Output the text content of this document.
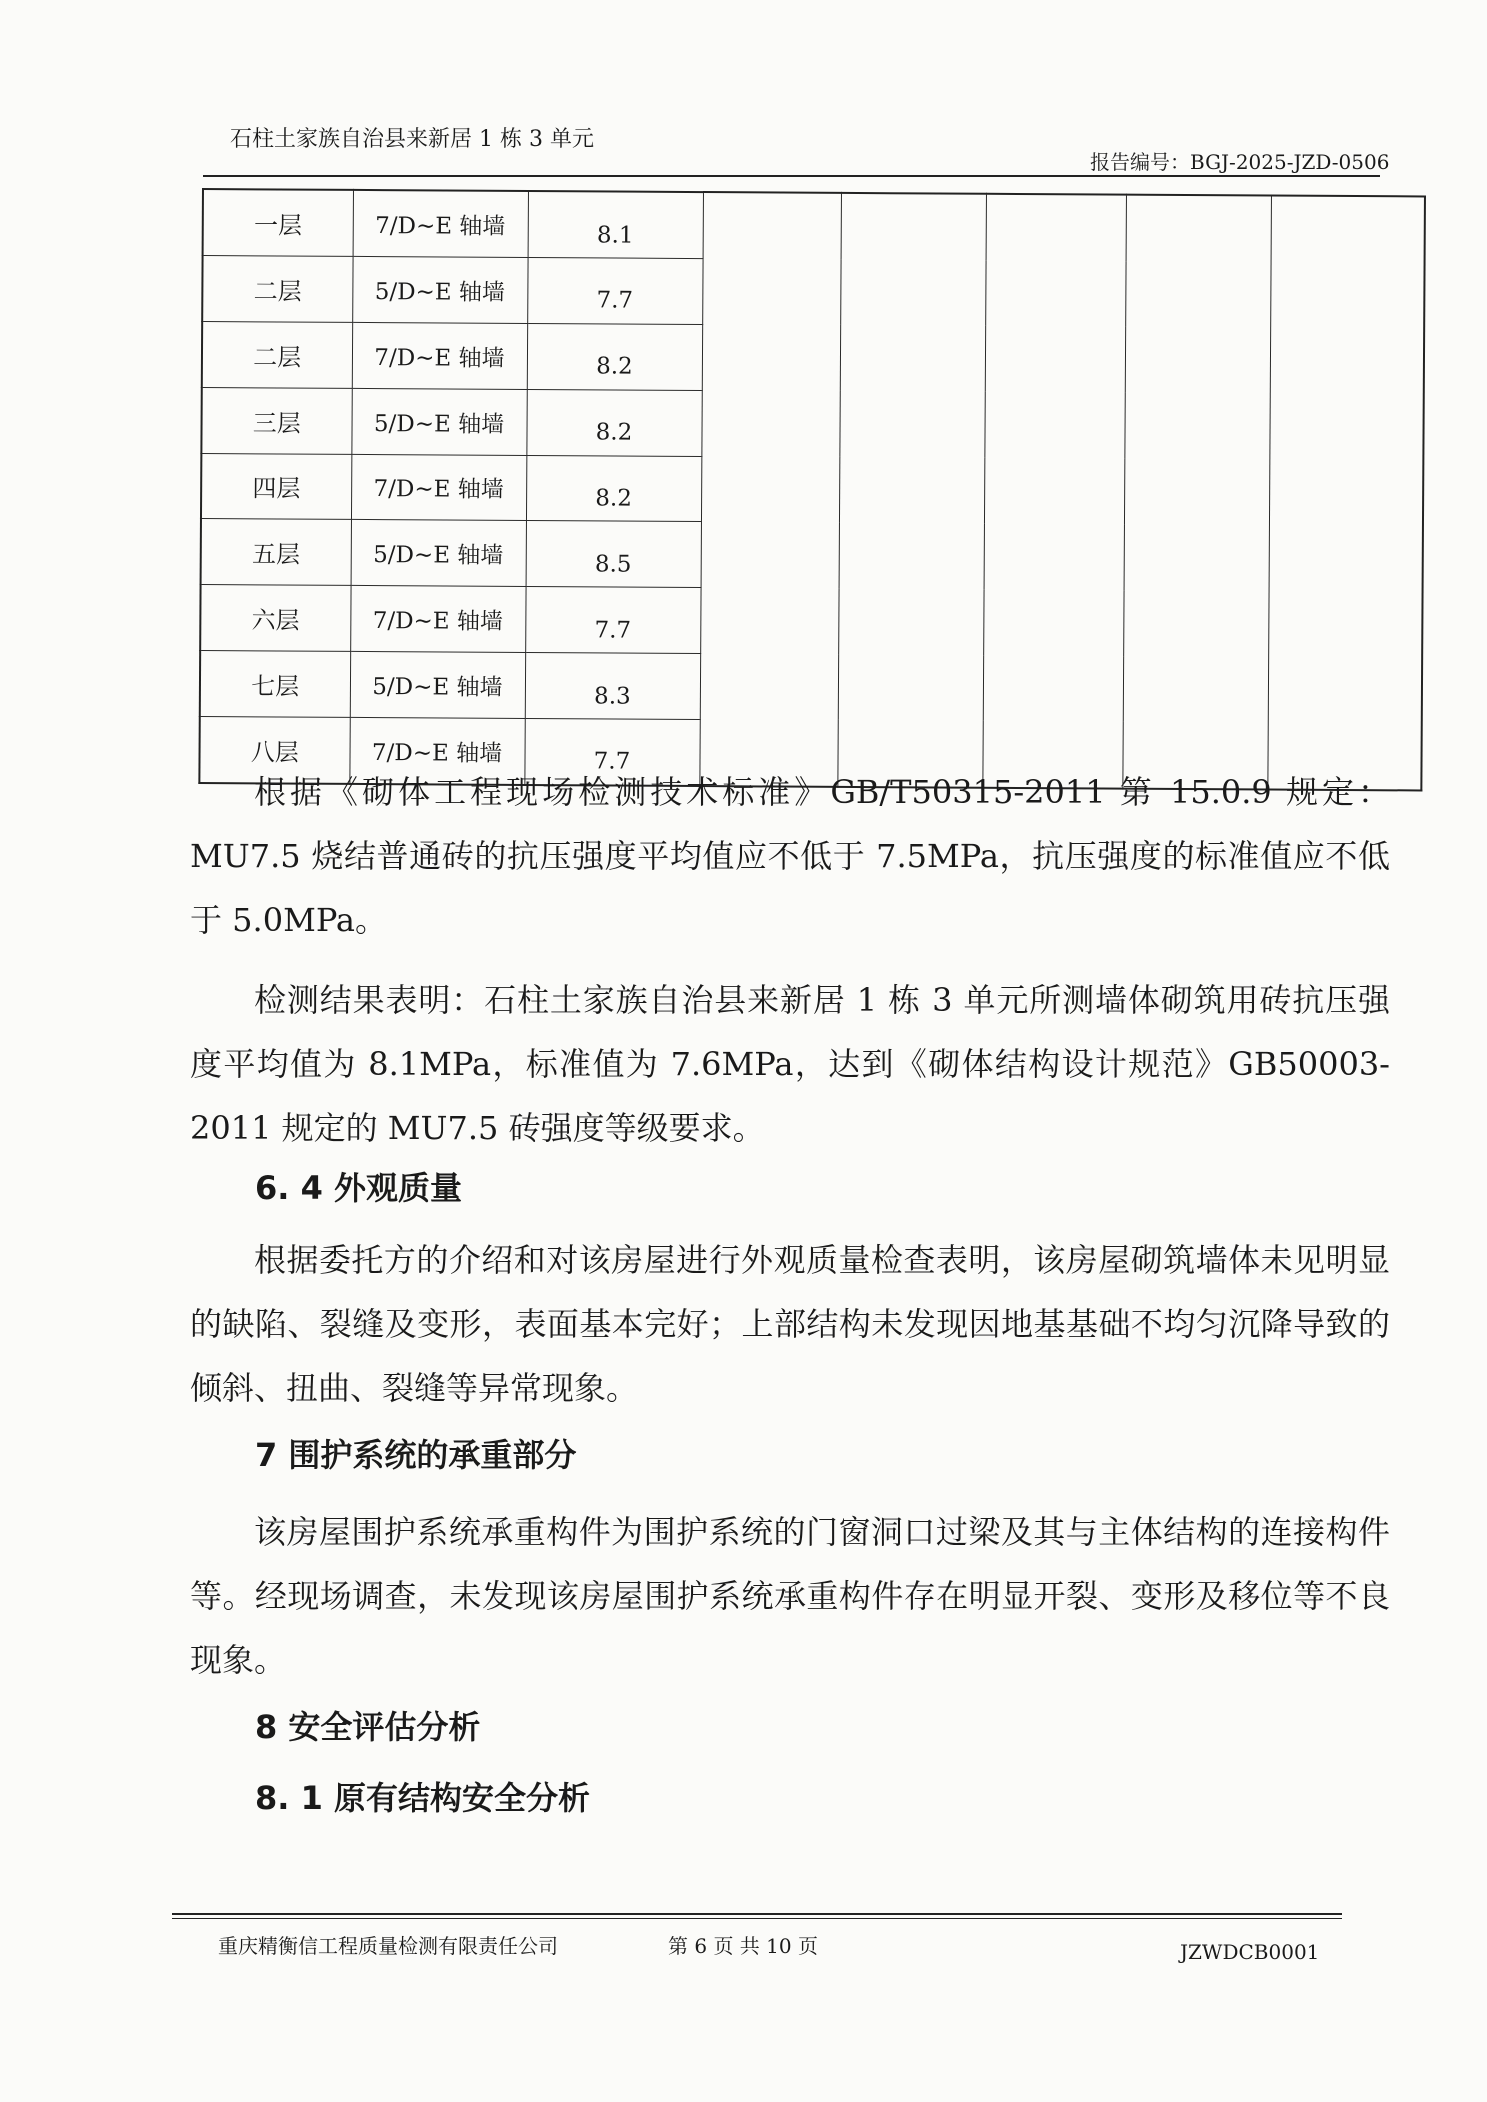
石柱土家族自治县来新居 1 栋 3 单元
报告编号：BGJ-2025-JZD-0506
一层	7/D~E 轴墙	8.1					
二层	5/D~E 轴墙	7.7					
二层	7/D~E 轴墙	8.2					
三层	5/D~E 轴墙	8.2					
四层	7/D~E 轴墙	8.2					
五层	5/D~E 轴墙	8.5					
六层	7/D~E 轴墙	7.7					
七层	5/D~E 轴墙	8.3					
八层	7/D~E 轴墙	7.7					

根据《砌体工程现场检测技术标准》GB/T50315-2011 第 15.0.9 规定：MU7.5 烧结普通砖的抗压强度平均值应不低于 7.5MPa，抗压强度的标准值应不低于 5.0MPa。

检测结果表明：石柱土家族自治县来新居 1 栋 3 单元所测墙体砌筑用砖抗压强度平均值为 8.1MPa，标准值为 7.6MPa，达到《砌体结构设计规范》GB50003-2011 规定的 MU7.5 砖强度等级要求。

6. 4 外观质量

根据委托方的介绍和对该房屋进行外观质量检查表明，该房屋砌筑墙体未见明显的缺陷、裂缝及变形，表面基本完好；上部结构未发现因地基基础不均匀沉降导致的倾斜、扭曲、裂缝等异常现象。

7 围护系统的承重部分

该房屋围护系统承重构件为围护系统的门窗洞口过梁及其与主体结构的连接构件等。经现场调查，未发现该房屋围护系统承重构件存在明显开裂、变形及移位等不良现象。

8 安全评估分析
8. 1 原有结构安全分析
重庆精衡信工程质量检测有限责任公司	第 6 页 共 10 页	JZWDCB0001
